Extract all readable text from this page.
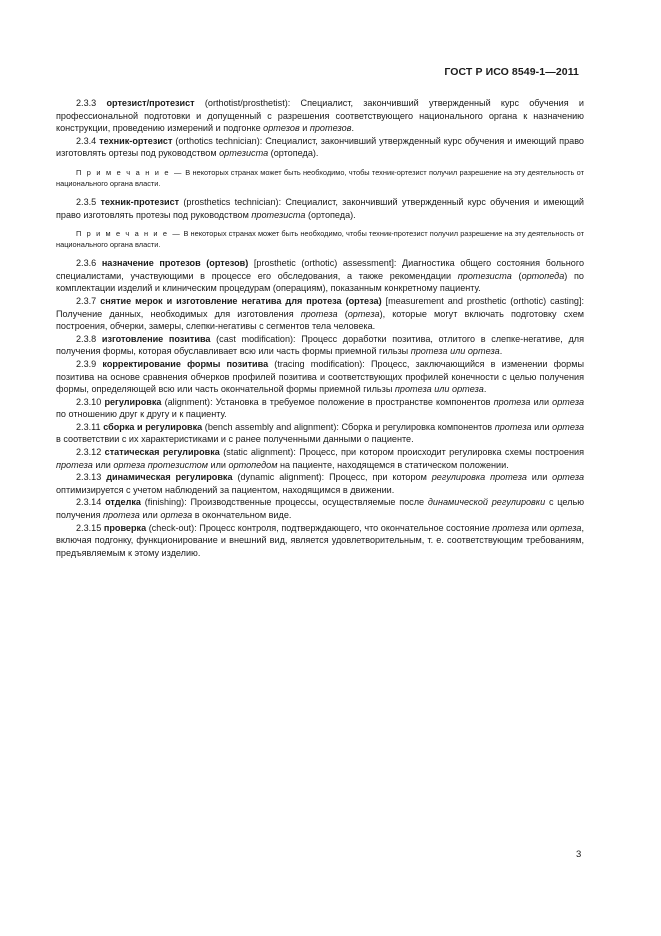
ГОСТ Р ИСО 8549-1—2011

2.3.3 ортезист/протезист (orthotist/prosthetist): Специалист, закончивший утвержденный курс обучения и профессиональной подготовки и допущенный с разрешения соответствующего национального органа к назначению конструкции, проведению измерений и подгонке ортезов и протезов.

2.3.4 техник-ортезист (orthotics technician): Специалист, закончивший утвержденный курс обучения и имеющий право изготовлять ортезы под руководством ортезиста (ортопеда).

П р и м е ч а н и е — В некоторых странах может быть необходимо, чтобы техник-ортезист получил разрешение на эту деятельность от национального органа власти.

2.3.5 техник-протезист (prosthetics technician): Специалист, закончивший утвержденный курс обучения и имеющий право изготовлять протезы под руководством протезиста (ортопеда).

П р и м е ч а н и е — В некоторых странах может быть необходимо, чтобы техник-протезист получил разрешение на эту деятельность от национального органа власти.

2.3.6 назначение протезов (ортезов) [prosthetic (orthotic) assessment]: Диагностика общего состояния больного специалистами, участвующими в процессе его обследования, а также рекомендации протезиста (ортопеда) по комплектации изделий и клиническим процедурам (операциям), показанным конкретному пациенту.

2.3.7 снятие мерок и изготовление негатива для протеза (ортеза) [measurement and prosthetic (orthotic) casting]: Получение данных, необходимых для изготовления протеза (ортеза), которые могут включать подготовку схем построения, обчерки, замеры, слепки-негативы с сегментов тела человека.

2.3.8 изготовление позитива (cast modification): Процесс доработки позитива, отлитого в слепке-негативе, для получения формы, которая обуславливает всю или часть формы приемной гильзы протеза или ортеза.

2.3.9 корректирование формы позитива (tracing modification): Процесс, заключающийся в изменении формы позитива на основе сравнения обчерков профилей позитива и соответствующих профилей конечности с целью получения формы, определяющей всю или часть окончательной формы приемной гильзы протеза или ортеза.

2.3.10 регулировка (alignment): Установка в требуемое положение в пространстве компонентов протеза или ортеза по отношению друг к другу и к пациенту.

2.3.11 сборка и регулировка (bench assembly and alignment): Сборка и регулировка компонентов протеза или ортеза в соответствии с их характеристиками и с ранее полученными данными о пациенте.

2.3.12 статическая регулировка (static alignment): Процесс, при котором происходит регулировка схемы построения протеза или ортеза протезистом или ортопедом на пациенте, находящемся в статическом положении.

2.3.13 динамическая регулировка (dynamic alignment): Процесс, при котором регулировка протеза или ортеза оптимизируется с учетом наблюдений за пациентом, находящимся в движении.

2.3.14 отделка (finishing): Производственные процессы, осуществляемые после динамической регулировки с целью получения протеза или ортеза в окончательном виде.

2.3.15 проверка (check-out): Процесс контроля, подтверждающего, что окончательное состояние протеза или ортеза, включая подгонку, функционирование и внешний вид, является удовлетворительным, т. е. соответствующим требованиям, предъявляемым к этому изделию.

3
